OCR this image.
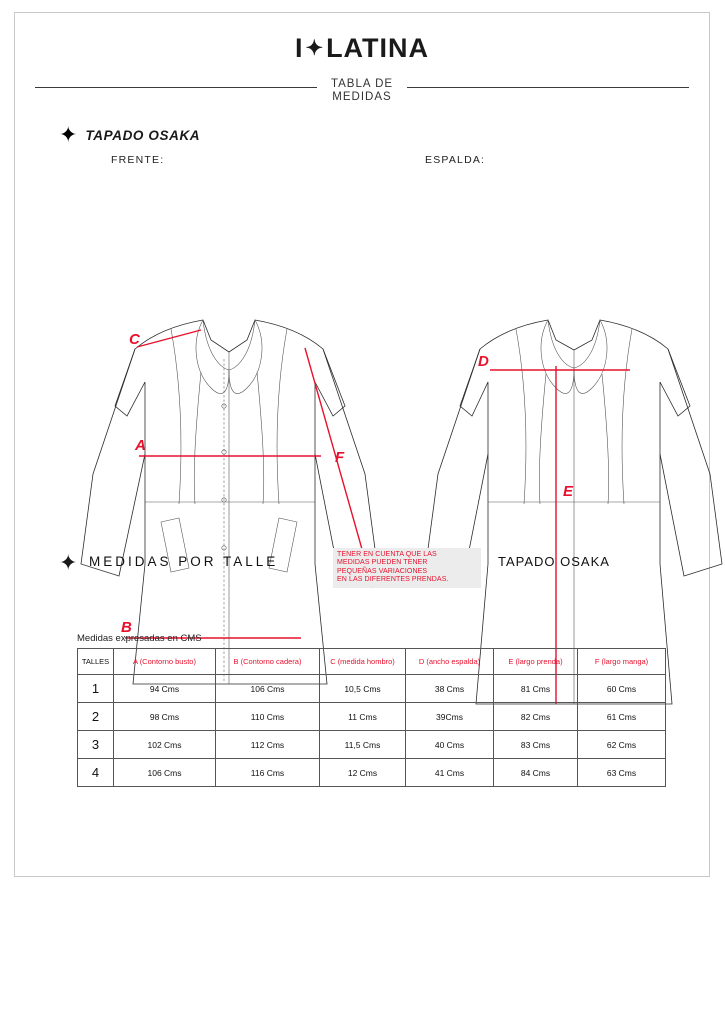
I✦LATINA
TABLA DE
MEDIDAS
✦ TAPADO OSAKA
FRENTE:	ESPALDA:
C
A
F
B
D
E
✦ MEDIDAS POR TALLE	TENER EN CUENTA QUE LAS

MEDIDAS PUEDEN TENER

PEQUEÑAS VARIACIONES

EN LAS DIFERENTES PRENDAS.

TAPADO OSAKA
Medidas expresadas en CMS
TALLES	A (Contorno busto)	B (Contorno cadera)	C (medida hombro)	D (ancho espalda)	E (largo prenda)	F (largo manga)
1	94 Cms	106 Cms	10,5 Cms	38 Cms	81 Cms	60 Cms
2	98 Cms	110 Cms	11 Cms	39Cms	82 Cms	61 Cms
3	102 Cms	112 Cms	11,5 Cms	40 Cms	83 Cms	62 Cms
4	106 Cms	116 Cms	12 Cms	41 Cms	84 Cms	63 Cms
